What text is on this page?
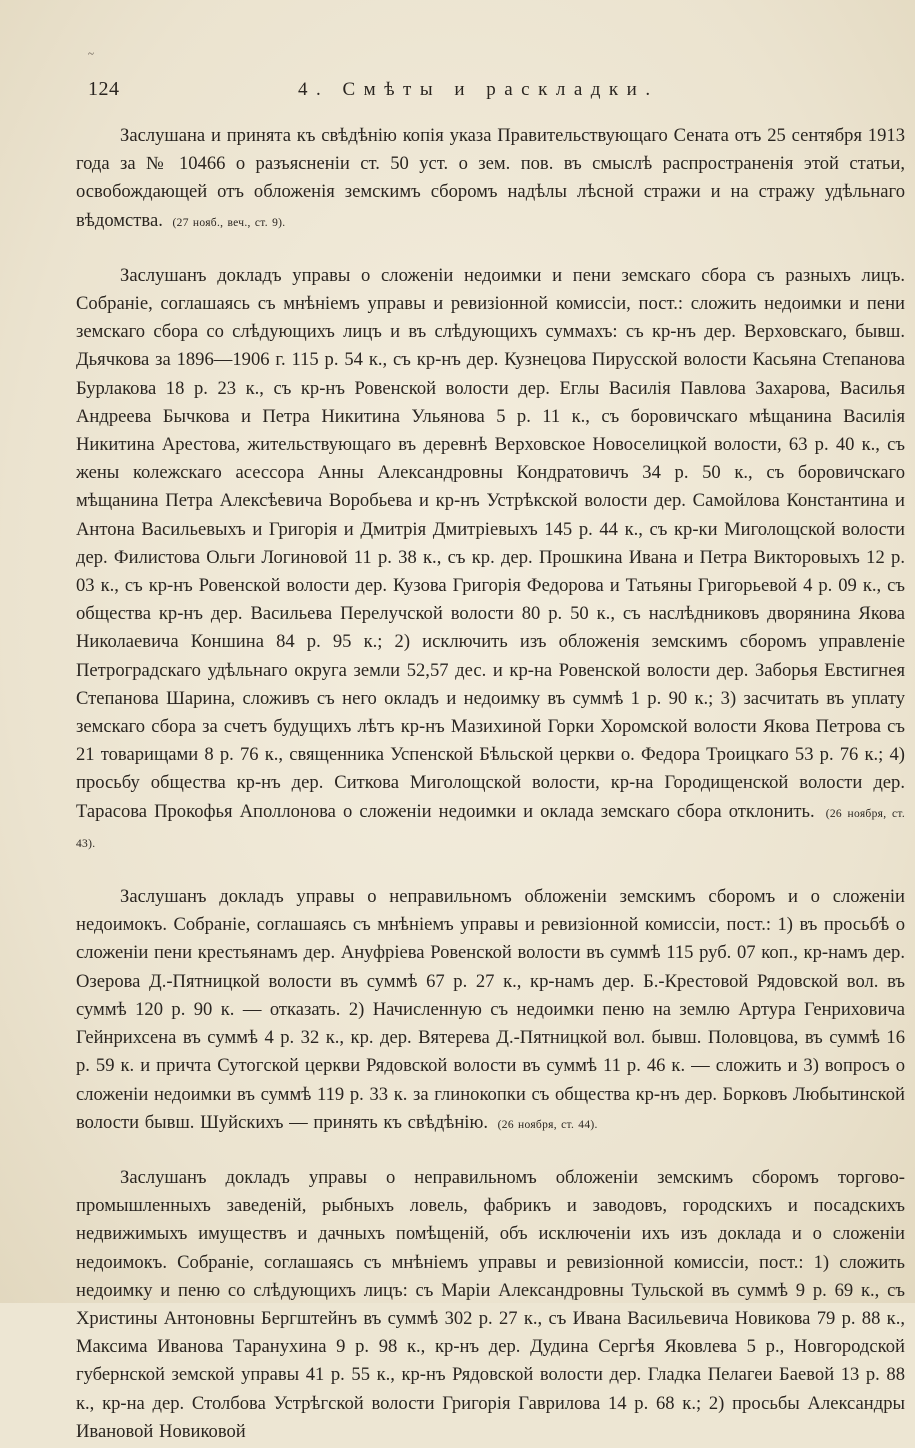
~
124	4. Смѣты и раскладки.

Заслушана и принята къ свѣдѣнію копія указа Правительствующаго Сената отъ 25 сентября 1913 года за № 10466 о разъясненіи ст. 50 уст. о зем. пов. въ смыслѣ распространенія этой статьи, освобождающей отъ обложенія земскимъ сборомъ надѣлы лѣсной стражи и на стражу удѣльнаго вѣдомства. (27 нояб., веч., ст. 9).

Заслушанъ докладъ управы о сложеніи недоимки и пени земскаго сбора съ разныхъ лицъ. Собраніе, соглашаясь съ мнѣніемъ управы и ревизіонной комиссіи, пост.: сложить недоимки и пени земскаго сбора со слѣдующихъ лицъ и въ слѣдующихъ суммахъ: съ кр-нъ дер. Верховскаго, бывш. Дьячкова за 1896—1906 г. 115 р. 54 к., съ кр-нъ дер. Кузнецова Пирусской волости Касьяна Степанова Бурлакова 18 р. 23 к., съ кр-нъ Ровенской волости дер. Еглы Василія Павлова Захарова, Василья Андреева Бычкова и Петра Никитина Ульянова 5 р. 11 к., съ боровичскаго мѣщанина Василія Никитина Арестова, жительствующаго въ деревнѣ Верховское Новоселицкой волости, 63 р. 40 к., съ жены колежскаго асессора Анны Александровны Кондратовичъ 34 р. 50 к., съ боровичскаго мѣщанина Петра Алексѣевича Воробьева и кр-нъ Устрѣкской волости дер. Самойлова Константина и Антона Васильевыхъ и Григорія и Дмитрія Дмитріевыхъ 145 р. 44 к., съ кр-ки Миголощской волости дер. Филистова Ольги Логиновой 11 р. 38 к., съ кр. дер. Прошкина Ивана и Петра Викторовыхъ 12 р. 03 к., съ кр-нъ Ровенской волости дер. Кузова Григорія Федорова и Татьяны Григорьевой 4 р. 09 к., съ общества кр-нъ дер. Васильева Перелучской волости 80 р. 50 к., съ наслѣдниковъ дворянина Якова Николаевича Коншина 84 р. 95 к.; 2) исключить изъ обложенія земскимъ сборомъ управленіе Петроградскаго удѣльнаго округа земли 52,57 дес. и кр-на Ровенской волости дер. Заборья Евстигнея Степанова Шарина, сложивъ съ него окладъ и недоимку въ суммѣ 1 р. 90 к.; 3) засчитать въ уплату земскаго сбора за счетъ будущихъ лѣтъ кр-нъ Мазихиной Горки Хоромской волости Якова Петрова съ 21 товарищами 8 р. 76 к., священника Успенской Бѣльской церкви о. Федора Троицкаго 53 р. 76 к.; 4) просьбу общества кр-нъ дер. Ситкова Миголощской волости, кр-на Городищенской волости дер. Тарасова Прокофья Аполлонова о сложеніи недоимки и оклада земскаго сбора отклонить. (26 ноября, ст. 43).

Заслушанъ докладъ управы о неправильномъ обложеніи земскимъ сборомъ и о сложеніи недоимокъ. Собраніе, соглашаясь съ мнѣніемъ управы и ревизіонной комиссіи, пост.: 1) въ просьбѣ о сложеніи пени крестьянамъ дер. Ануфріева Ровенской волости въ суммѣ 115 руб. 07 коп., кр-намъ дер. Озерова Д.-Пятницкой волости въ суммѣ 67 р. 27 к., кр-намъ дер. Б.-Крестовой Рядовской вол. въ суммѣ 120 р. 90 к. — отказать. 2) Начисленную съ недоимки пеню на землю Артура Генриховича Гейнрихсена въ суммѣ 4 р. 32 к., кр. дер. Вятерева Д.-Пятницкой вол. бывш. Половцова, въ суммѣ 16 р. 59 к. и причта Сутогской церкви Рядовской волости въ суммѣ 11 р. 46 к. — сложить и 3) вопросъ о сложеніи недоимки въ суммѣ 119 р. 33 к. за глинокопки съ общества кр-нъ дер. Борковъ Любытинской волости бывш. Шуйскихъ — принять къ свѣдѣнію. (26 ноября, ст. 44).

Заслушанъ докладъ управы о неправильномъ обложеніи земскимъ сборомъ торгово-промышленныхъ заведеній, рыбныхъ ловель, фабрикъ и заводовъ, городскихъ и посадскихъ недвижимыхъ имуществъ и дачныхъ помѣщеній, объ исключеніи ихъ изъ доклада и о сложеніи недоимокъ. Собраніе, соглашаясь съ мнѣніемъ управы и ревизіонной комиссіи, пост.: 1) сложить недоимку и пеню со слѣдующихъ лицъ: съ Маріи Александровны Тульской въ суммѣ 9 р. 69 к., съ Христины Антоновны Бергштейнъ въ суммѣ 302 р. 27 к., съ Ивана Васильевича Новикова 79 р. 88 к., Максима Иванова Таранухина 9 р. 98 к., кр-нъ дер. Дудина Сергѣя Яковлева 5 р., Новгородской губернской земской управы 41 р. 55 к., кр-нъ Рядовской волости дер. Гладка Пелагеи Баевой 13 р. 88 к., кр-на дер. Столбова Устрѣгской волости Григорія Гаврилова 14 р. 68 к.; 2) просьбы Александры Ивановой Новиковой
